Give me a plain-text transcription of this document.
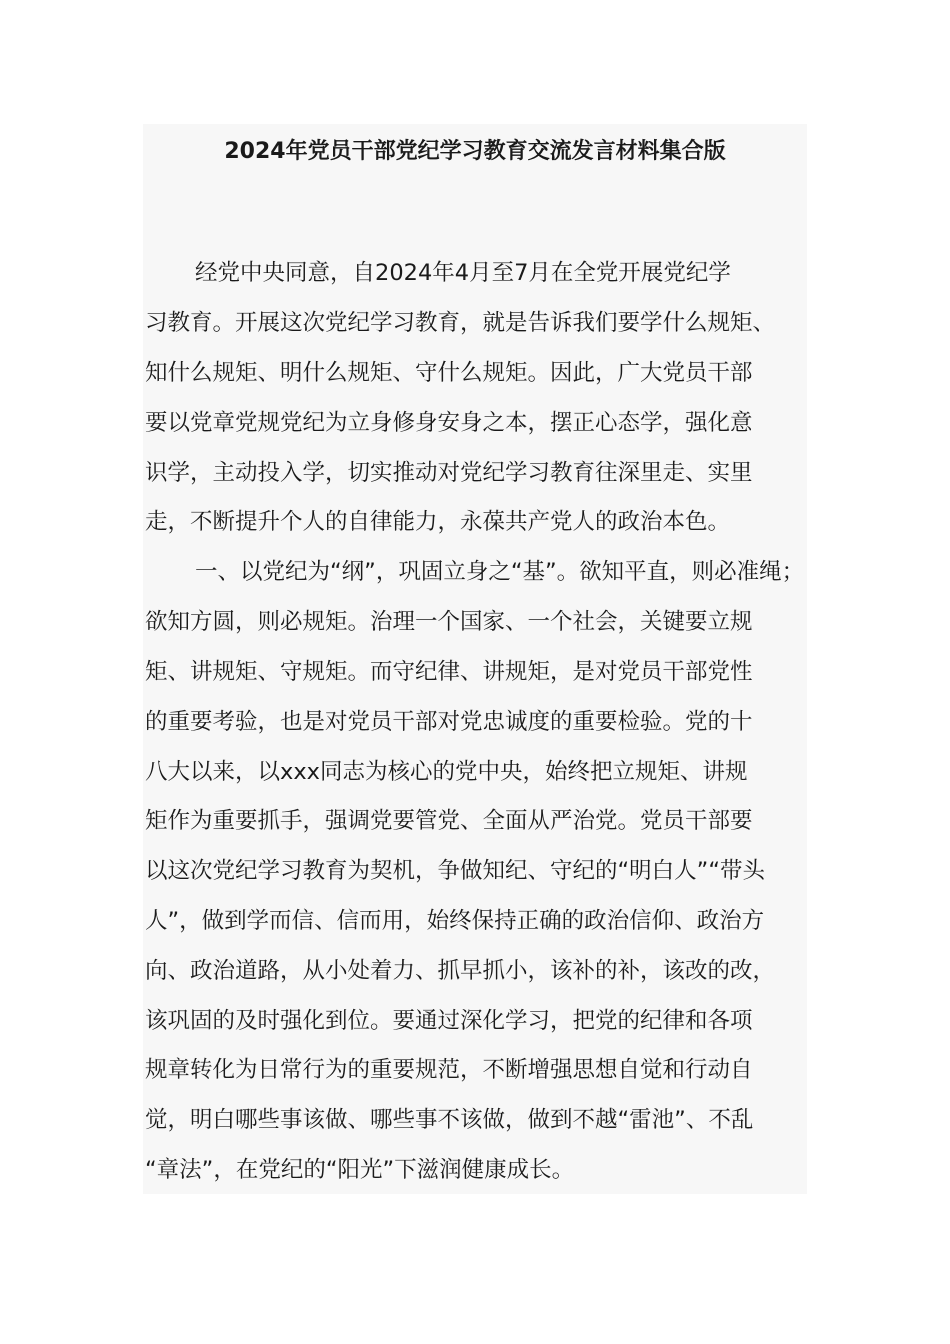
2024年党员干部党纪学习教育交流发言材料集合版

经党中央同意，自2024年4月至7月在全党开展党纪学

习教育。开展这次党纪学习教育，就是告诉我们要学什么规矩、

知什么规矩、明什么规矩、守什么规矩。因此，广大党员干部

要以党章党规党纪为立身修身安身之本，摆正心态学，强化意

识学，主动投入学，切实推动对党纪学习教育往深里走、实里

走，不断提升个人的自律能力，永葆共产党人的政治本色。

一、以党纪为“纲”，巩固立身之“基”。欲知平直，则必准绳；

欲知方圆，则必规矩。治理一个国家、一个社会，关键要立规

矩、讲规矩、守规矩。而守纪律、讲规矩，是对党员干部党性

的重要考验，也是对党员干部对党忠诚度的重要检验。党的十

八大以来，以xxx同志为核心的党中央，始终把立规矩、讲规

矩作为重要抓手，强调党要管党、全面从严治党。党员干部要

以这次党纪学习教育为契机，争做知纪、守纪的“明白人”“带头

人”，做到学而信、信而用，始终保持正确的政治信仰、政治方

向、政治道路，从小处着力、抓早抓小，该补的补，该改的改，

该巩固的及时强化到位。要通过深化学习，把党的纪律和各项

规章转化为日常行为的重要规范，不断增强思想自觉和行动自

觉，明白哪些事该做、哪些事不该做，做到不越“雷池”、不乱

“章法”，在党纪的“阳光”下滋润健康成长。
